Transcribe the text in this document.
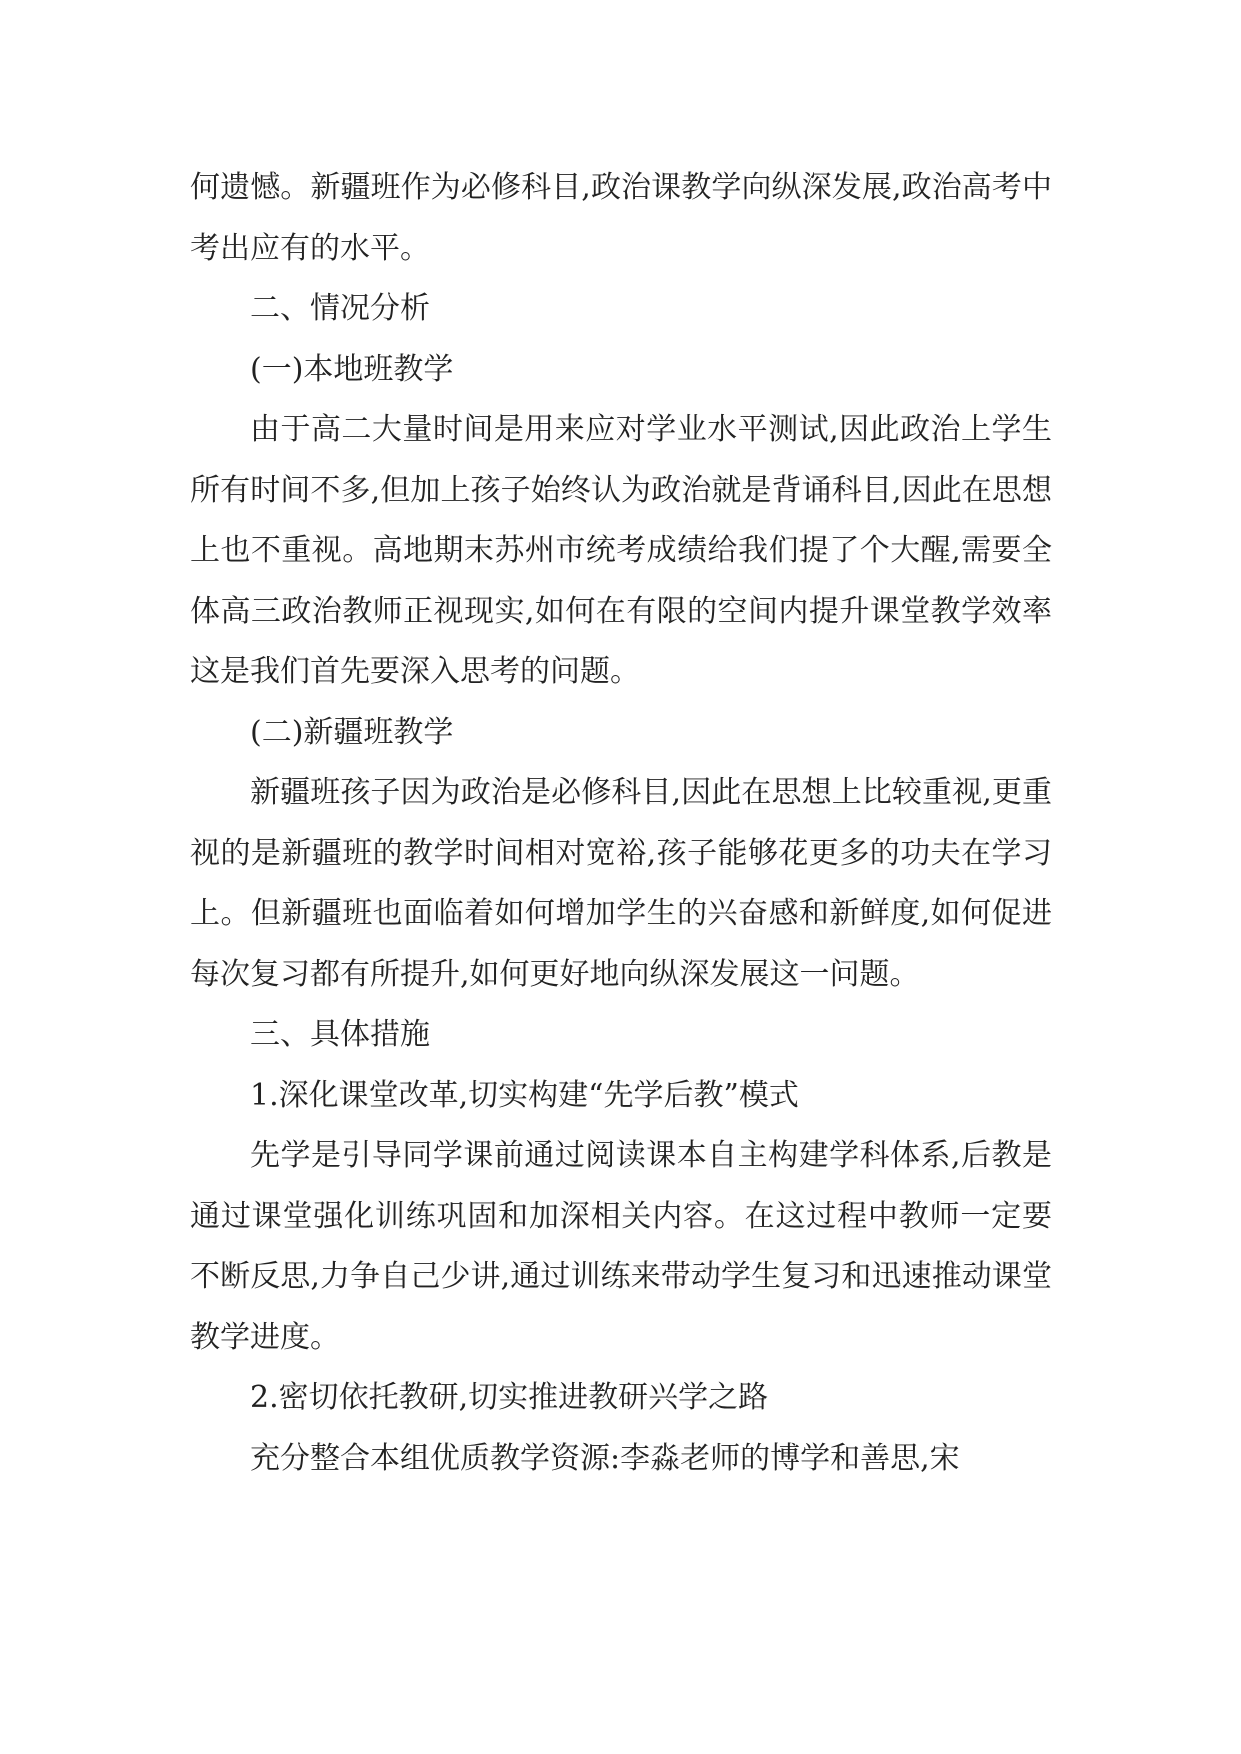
何遗憾。新疆班作为必修科目,政治课教学向纵深发展,政治高考中考出应有的水平。

二、情况分析

(一)本地班教学

由于高二大量时间是用来应对学业水平测试,因此政治上学生所有时间不多,但加上孩子始终认为政治就是背诵科目,因此在思想上也不重视。高地期末苏州市统考成绩给我们提了个大醒,需要全体高三政治教师正视现实,如何在有限的空间内提升课堂教学效率这是我们首先要深入思考的问题。

(二)新疆班教学

新疆班孩子因为政治是必修科目,因此在思想上比较重视,更重视的是新疆班的教学时间相对宽裕,孩子能够花更多的功夫在学习上。但新疆班也面临着如何增加学生的兴奋感和新鲜度,如何促进每次复习都有所提升,如何更好地向纵深发展这一问题。

三、具体措施

1.深化课堂改革,切实构建“先学后教”模式

先学是引导同学课前通过阅读课本自主构建学科体系,后教是通过课堂强化训练巩固和加深相关内容。在这过程中教师一定要不断反思,力争自己少讲,通过训练来带动学生复习和迅速推动课堂教学进度。

2.密切依托教研,切实推进教研兴学之路

充分整合本组优质教学资源:李淼老师的博学和善思,宋
